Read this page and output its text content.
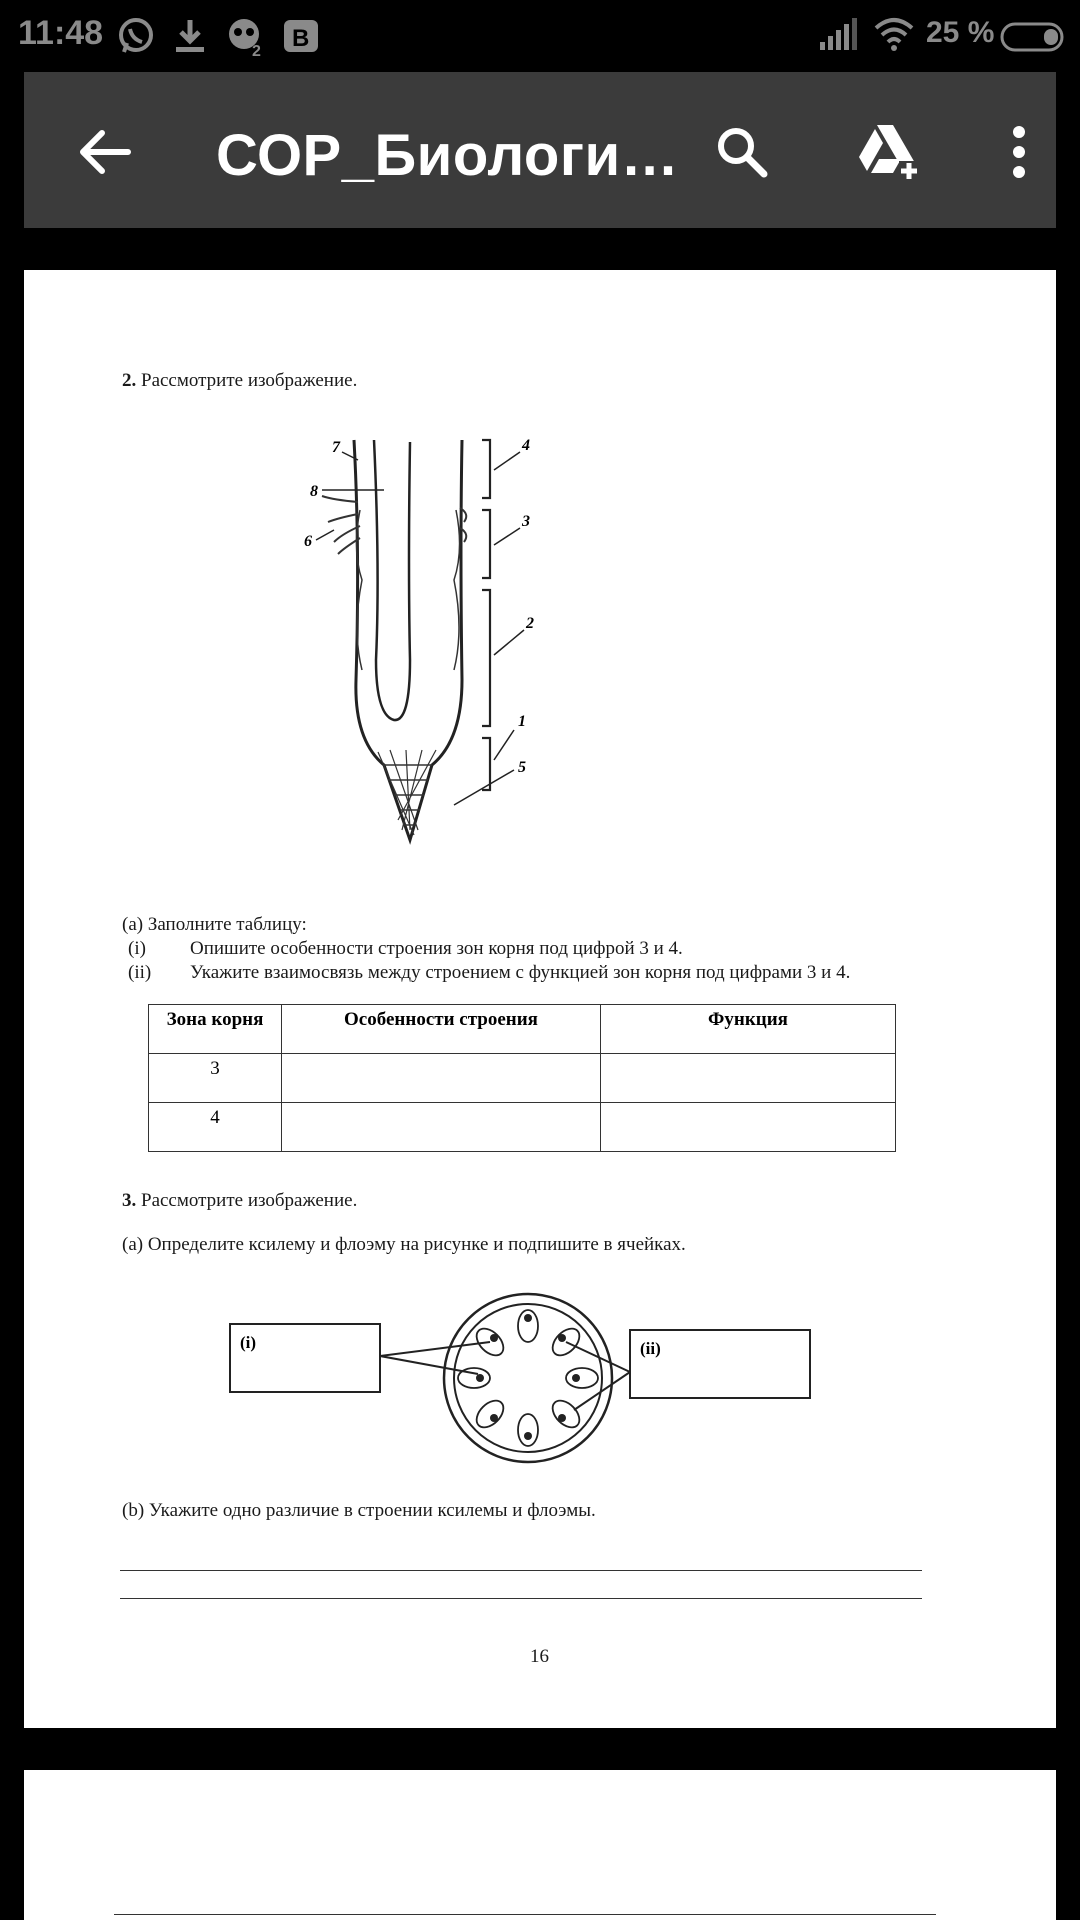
11:48	2 B	25 %
СОР_Биологи…
2. Рассмотрите изображение.
7
8
6
4
3
2
1
5
(а) Заполните таблицу:
(i) Опишите особенности строения зон корня под цифрой 3 и 4.
(ii) Укажите взаимосвязь между строением с функцией зон корня под цифрами 3 и 4.
Зона корня	Особенности строения	Функция
3		
4		
3. Рассмотрите изображение.
(а) Определите ксилему и флоэму на рисунке и подпишите в ячейках.
(i)	(ii)
(b) Укажите одно различие в строении ксилемы и флоэмы.
16
